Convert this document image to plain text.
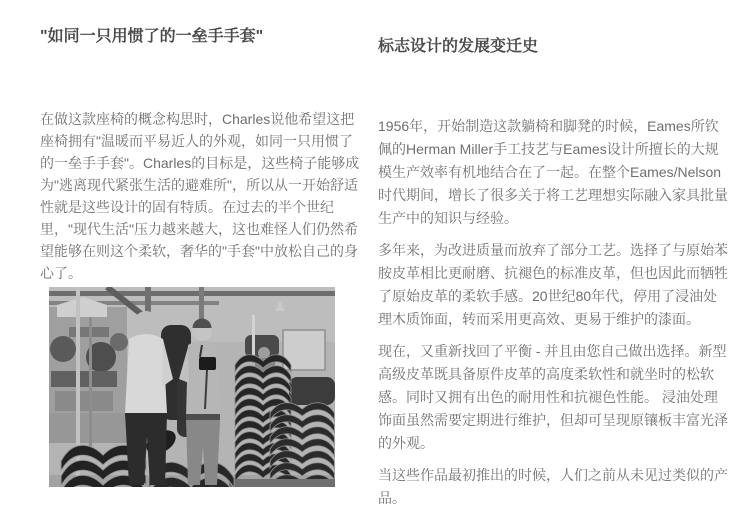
"如同一只用惯了的一垒手手套"

在做这款座椅的概念构思时，Charles说他希望这把座椅拥有"温暖而平易近人的外观，如同一只用惯了的一垒手手套"。Charles的目标是，这些椅子能够成为"逃离现代紧张生活的避难所"，所以从一开始舒适性就是这些设计的固有特质。在过去的半个世纪里，"现代生活"压力越来越大，这也难怪人们仍然希望能够在则这个柔软，奢华的"手套"中放松自己的身心了。

标志设计的发展变迁史

1956年，开始制造这款躺椅和脚凳的时候，Eames所钦佩的Herman Miller手工技艺与Eames设计所擅长的大规模生产效率有机地结合在了一起。在整个Eames/Nelson时代期间，增长了很多关于将工艺理想实际融入家具批量生产中的知识与经验。

多年来，为改进质量而放弃了部分工艺。选择了与原始苯胺皮革相比更耐磨、抗褪色的标准皮革，但也因此而牺牲了原始皮革的柔软手感。20世纪80年代，停用了浸油处理木质饰面，转而采用更高效、更易于维护的漆面。

现在，又重新找回了平衡 - 并且由您自己做出选择。新型高级皮革既具备原件皮革的高度柔软性和就坐时的松软感。同时又拥有出色的耐用性和抗褪色性能。 浸油处理饰面虽然需要定期进行维护，但却可呈现原镶板丰富光泽的外观。

当这些作品最初推出的时候，人们之前从未见过类似的产品。
